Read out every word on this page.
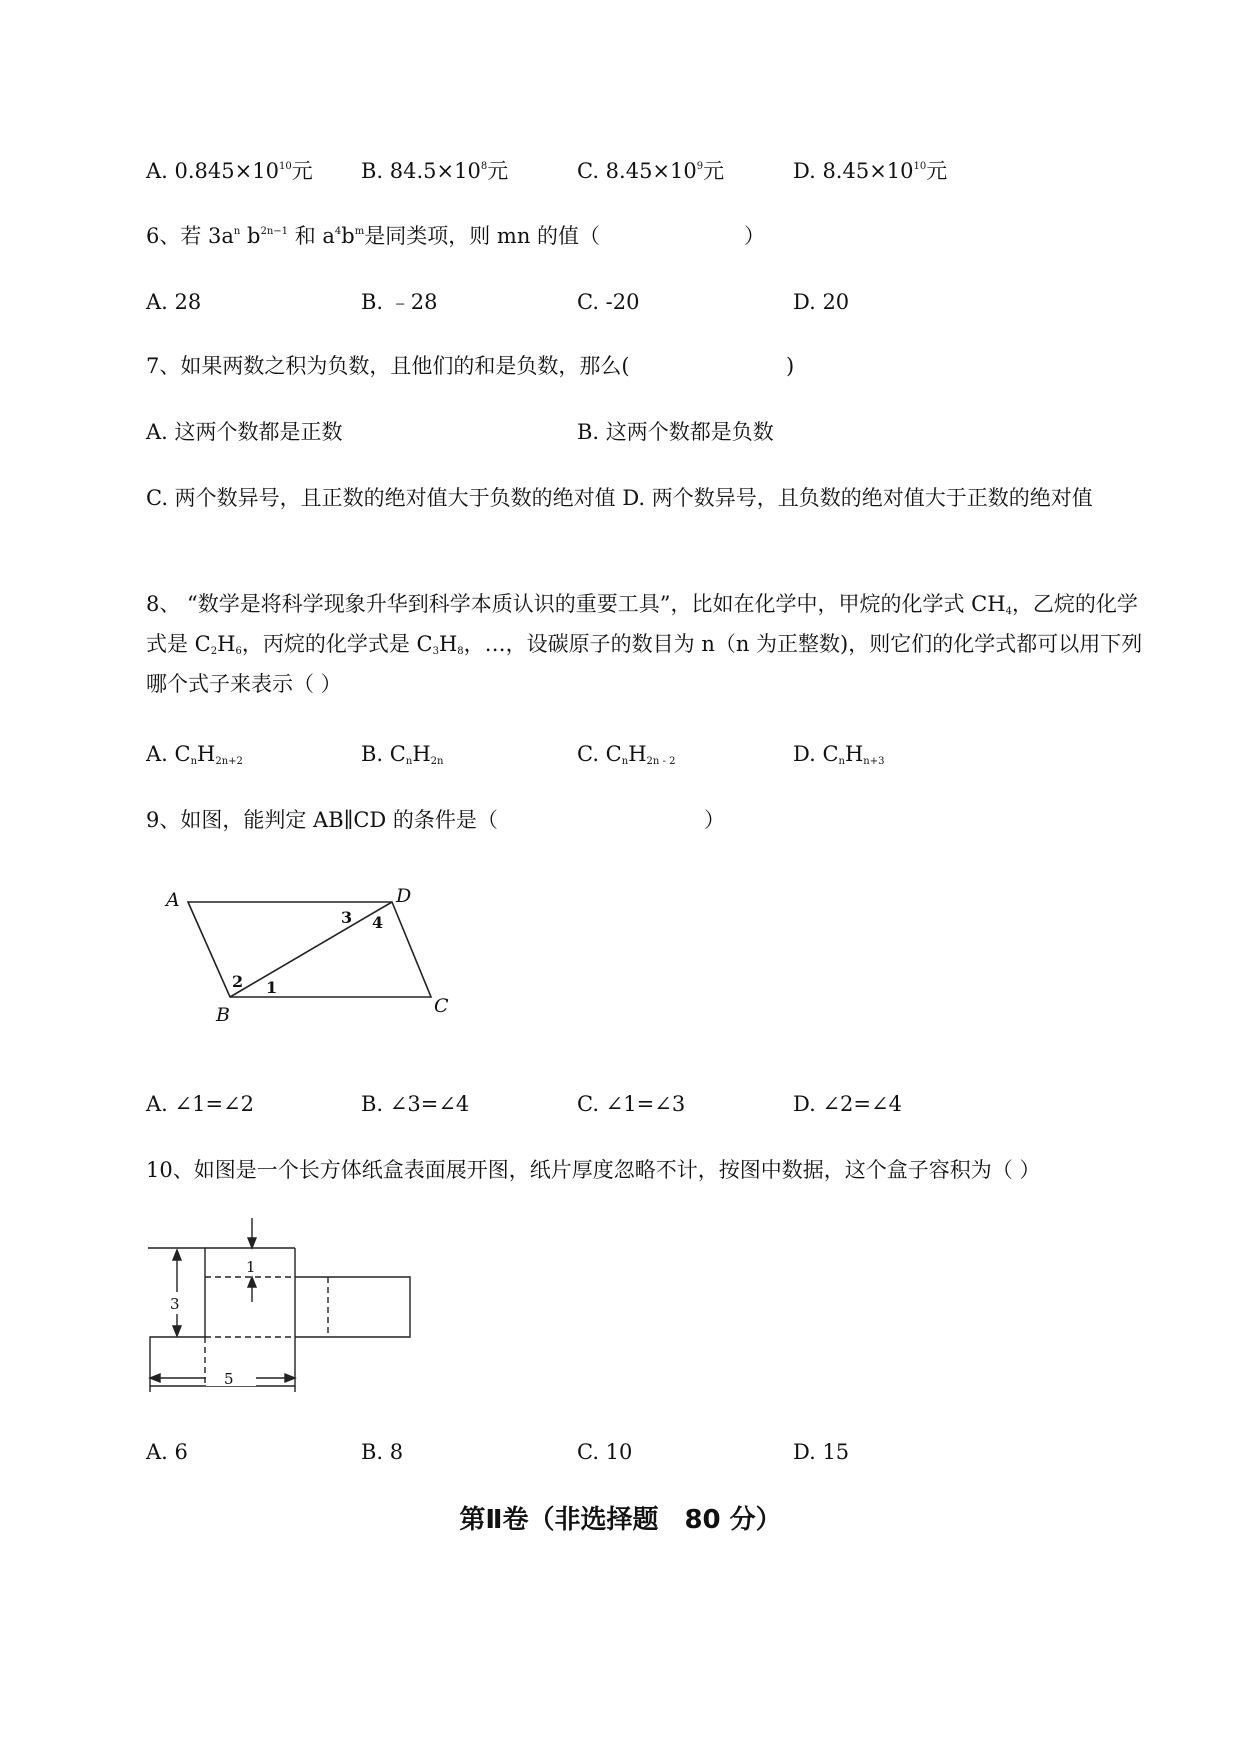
A. $0.845\times 10^{10}$元 B. $84.5\times 10^8$元	C. $8.45\times 10^9$元	D. $8.45\times 10^{10}$元
6、若 $3a^n$ $b^{2n-1}$ 和 $a^4b^m$是同类项，则 mn 的值（	）
A. 28	B. ﹣28	C. -20	D. 20
7、如果两数之积为负数，且他们的和是负数，那么(	)
A. 这两个数都是正数	B. 这两个数都是负数
C. 两个数异号，且正数的绝对值大于负数的绝对值 D. 两个数异号，且负数的绝对值大于正数的绝对值
8、 “数学是将科学现象升华到科学本质认识的重要工具”，比如在化学中，甲烷的化学式 $CH_4$，乙烷的化学式是 $C_2H_6$，丙烷的化学式是 $C_3H_8$，…，设碳原子的数目为 n（n 为正整数)，则它们的化学式都可以用下列哪个式子来表示（ ）
A. $C_nH_{2n+2}$	B. $C_nH_{2n}$	C. $C_nH_{2n - 2}$	D. $C_nH_{n+3}$
9、如图，能判定 AB∥CD 的条件是（	）
A	D
B	C
3 4
2 1
A. ∠1=∠2	B. ∠3=∠4	C. ∠1=∠3	D. ∠2=∠4
10、如图是一个长方体纸盒表面展开图，纸片厚度忽略不计，按图中数据，这个盒子容积为（ ）
1
3
5
A. 6	B. 8	C. 10	D. 15
第Ⅱ卷（非选择题　80 分）
